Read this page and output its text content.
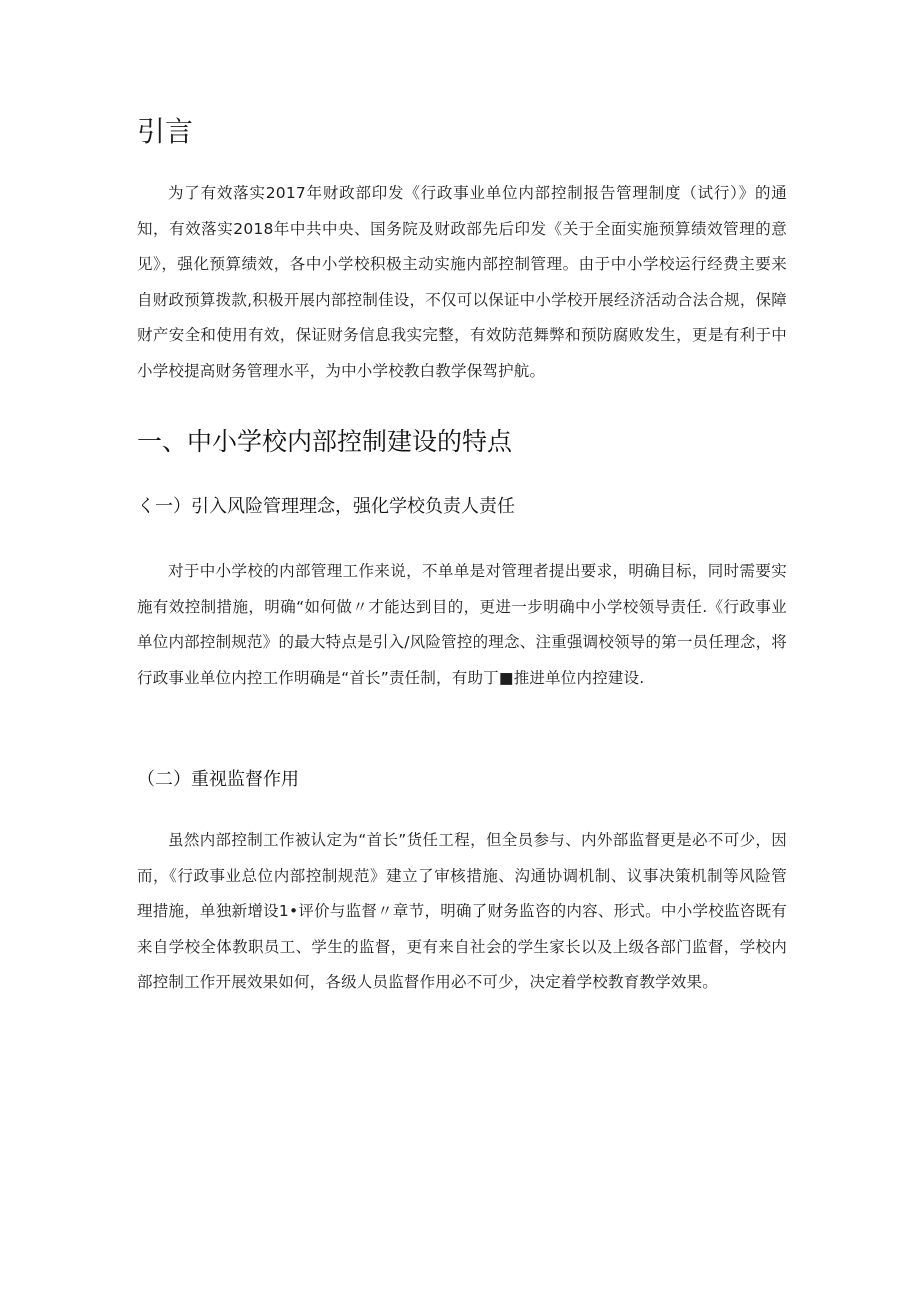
引言

为了有效落实2017年财政部印发《行政事业单位内部控制报告管理制度（试行）》的通知，有效落实2018年中共中央、国务院及财政部先后印发《关于全面实施预算绩效管理的意见》，强化预算绩效，各中小学校积极主动实施内部控制管理。由于中小学校运行经费主要来自财政预算拨款,积极开展内部控制佳设，不仅可以保证中小学校开展经济活动合法合规，保障财产安全和使用有效，保证财务信息我实完整，有效防范舞弊和预防腐败发生，更是有利于中小学校提高财务管理水平，为中小学校教白教学保驾护航。

一、中小学校内部控制建设的特点
く一）引入风险管理理念，强化学校负责人责任

对于中小学校的内部管理工作来说，不单单是对管理者提出要求，明确目标，同时需要实施有效控制措施，明确“如何做〃才能达到目的，更进一步明确中小学校领导责任.《行政事业单位内部控制规范》的最大特点是引入/风险管控的理念、注重强调校领导的第一员任理念，将行政事业单位内控工作明确是“首长”责任制，有助丁■推进单位内控建设.

（二）重视监督作用

虽然内部控制工作被认定为“首长”货任工程，但全员参与、内外部监督更是必不可少，因而，《行政事业总位内部控制规范》建立了审核措施、沟通协调机制、议事决策机制等风险管理措施，单独新增设1•评价与监督〃章节，明确了财务监咨的内容、形式。中小学校监咨既有来自学校全体教职员工、学生的监督，更有来自社会的学生家长以及上级各部门监督，学校内部控制工作开展效果如何，各级人员监督作用必不可少，决定着学校教育教学效果。
